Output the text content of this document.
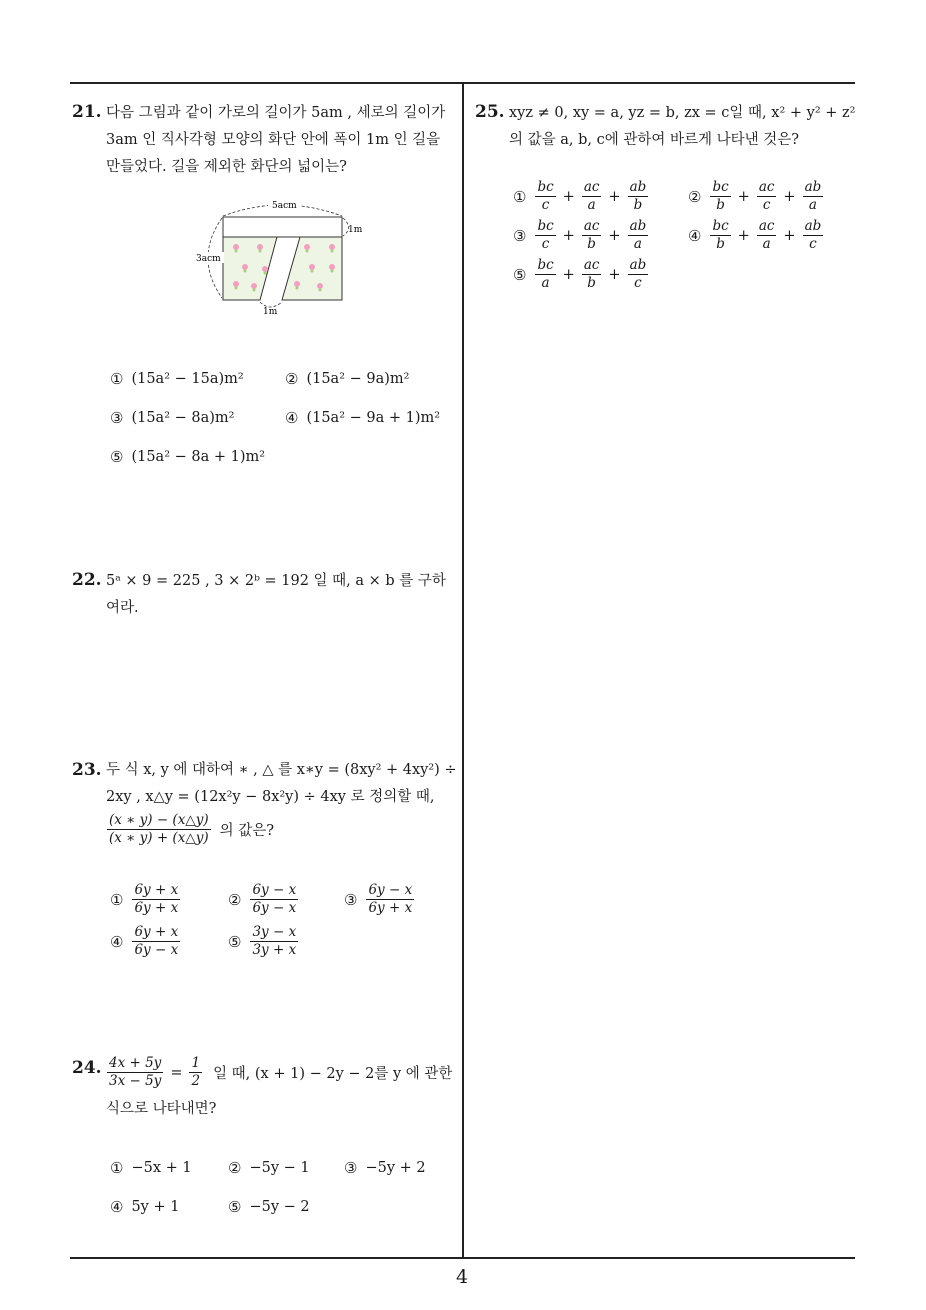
21. 다음 그림과 같이 가로의 길이가 5am , 세로의 길이가
3am 인 직사각형 모양의 화단 안에 폭이 1m 인 길을
만들었다. 길을 제외한 화단의 넓이는?
5acm
1m
3acm
1m
① (15a² − 15a)m²	② (15a² − 9a)m²
③ (15a² − 8a)m²	④ (15a² − 9a + 1)m²
⑤ (15a² − 8a + 1)m²
22. 5ᵃ × 9 = 225 , 3 × 2ᵇ = 192 일 때, a × b 를 구하여라.
23. 두 식 x, y 에 대하여 ∗ , △ 를 x∗y = (8xy² + 4xy²) ÷
2xy , x△y = (12x²y − 8x²y) ÷ 4xy 로 정의할 때,
$\frac{(x ∗ y) - (x\triangle y)}{(x ∗ y) + (x\triangle y)}$ 의 값은?
① $\frac{6y + x}{6y + x}$	② $\frac{6y - x}{6y - x}$	③ $\frac{6y - x}{6y + x}$
④ $\frac{6y + x}{6y - x}$	⑤ $\frac{3y - x}{3y + x}$
24. $\frac{4x + 5y}{3x - 5y} = \frac{1}{2}$ 일 때, (x + 1) − 2y − 2를 y 에 관한
식으로 나타내면?
① −5x + 1 ② −5y − 1 ③ −5y + 2
④ 5y + 1	⑤ −5y − 2
25. xyz ≠ 0, xy = a, yz = b, zx = c일 때, x² + y² + z²
의 값을 a, b, c에 관하여 바르게 나타낸 것은?
① $\frac{bc}{c} + \frac{ac}{a} + \frac{ab}{b}$	② $\frac{bc}{b} + \frac{ac}{c} + \frac{ab}{a}$
③ $\frac{bc}{c} + \frac{ac}{b} + \frac{ab}{a}$	④ $\frac{bc}{b} + \frac{ac}{a} + \frac{ab}{c}$
⑤ $\frac{bc}{a} + \frac{ac}{b} + \frac{ab}{c}$
4
